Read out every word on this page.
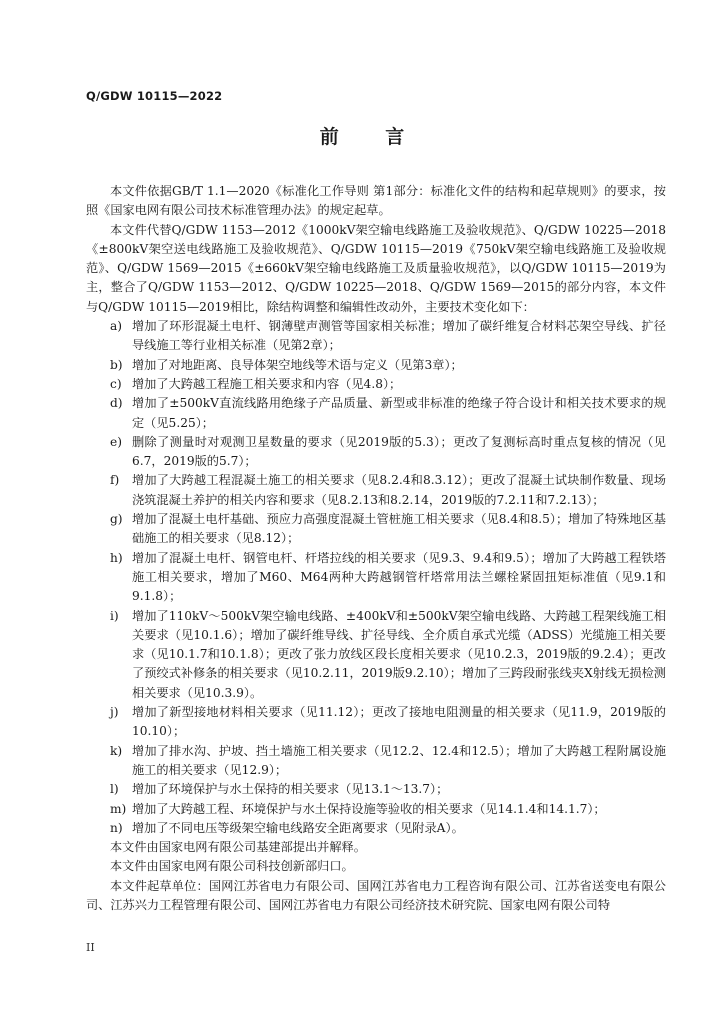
Q/GDW 10115—2022
前 言

本文件依据GB/T 1.1—2020《标准化工作导则 第1部分：标准化文件的结构和起草规则》的要求，按照《国家电网有限公司技术标准管理办法》的规定起草。

本文件代替Q/GDW 1153—2012《1000kV架空输电线路施工及验收规范》、Q/GDW 10225—2018《±800kV架空送电线路施工及验收规范》、Q/GDW 10115—2019《750kV架空输电线路施工及验收规范》、Q/GDW 1569—2015《±660kV架空输电线路施工及质量验收规范》，以Q/GDW 10115—2019为主，整合了Q/GDW 1153—2012、Q/GDW 10225—2018、Q/GDW 1569—2015的部分内容，本文件与Q/GDW 10115—2019相比，除结构调整和编辑性改动外，主要技术变化如下：

a) 增加了环形混凝土电杆、钢薄壁声测管等国家相关标准；增加了碳纤维复合材料芯架空导线、扩径导线施工等行业相关标准（见第2章）；
b) 增加了对地距离、良导体架空地线等术语与定义（见第3章）；
c) 增加了大跨越工程施工相关要求和内容（见4.8）；
d) 增加了±500kV直流线路用绝缘子产品质量、新型或非标准的绝缘子符合设计和相关技术要求的规定（见5.25）；
e) 删除了测量时对观测卫星数量的要求（见2019版的5.3）；更改了复测标高时重点复核的情况（见6.7，2019版的5.7）；
f) 增加了大跨越工程混凝土施工的相关要求（见8.2.4和8.3.12）；更改了混凝土试块制作数量、现场浇筑混凝土养护的相关内容和要求（见8.2.13和8.2.14，2019版的7.2.11和7.2.13）；
g) 增加了混凝土电杆基础、预应力高强度混凝土管桩施工相关要求（见8.4和8.5）；增加了特殊地区基础施工的相关要求（见8.12）；
h) 增加了混凝土电杆、钢管电杆、杆塔拉线的相关要求（见9.3、9.4和9.5）；增加了大跨越工程铁塔施工相关要求，增加了M60、M64两种大跨越钢管杆塔常用法兰螺栓紧固扭矩标准值（见9.1和9.1.8）；
i) 增加了110kV～500kV架空输电线路、±400kV和±500kV架空输电线路、大跨越工程架线施工相关要求（见10.1.6）；增加了碳纤维导线、扩径导线、全介质自承式光缆（ADSS）光缆施工相关要求（见10.1.7和10.1.8）；更改了张力放线区段长度相关要求（见10.2.3，2019版的9.2.4）；更改了预绞式补修条的相关要求（见10.2.11，2019版9.2.10）；增加了三跨段耐张线夹X射线无损检测相关要求（见10.3.9）。
j) 增加了新型接地材料相关要求（见11.12）；更改了接地电阻测量的相关要求（见11.9，2019版的10.10）；
k) 增加了排水沟、护坡、挡土墙施工相关要求（见12.2、12.4和12.5）；增加了大跨越工程附属设施施工的相关要求（见12.9）；
l) 增加了环境保护与水土保持的相关要求（见13.1～13.7）；
m) 增加了大跨越工程、环境保护与水土保持设施等验收的相关要求（见14.1.4和14.1.7）；
n) 增加了不同电压等级架空输电线路安全距离要求（见附录A）。

本文件由国家电网有限公司基建部提出并解释。

本文件由国家电网有限公司科技创新部归口。

本文件起草单位：国网江苏省电力有限公司、国网江苏省电力工程咨询有限公司、江苏省送变电有限公司、江苏兴力工程管理有限公司、国网江苏省电力有限公司经济技术研究院、国家电网有限公司特

II
